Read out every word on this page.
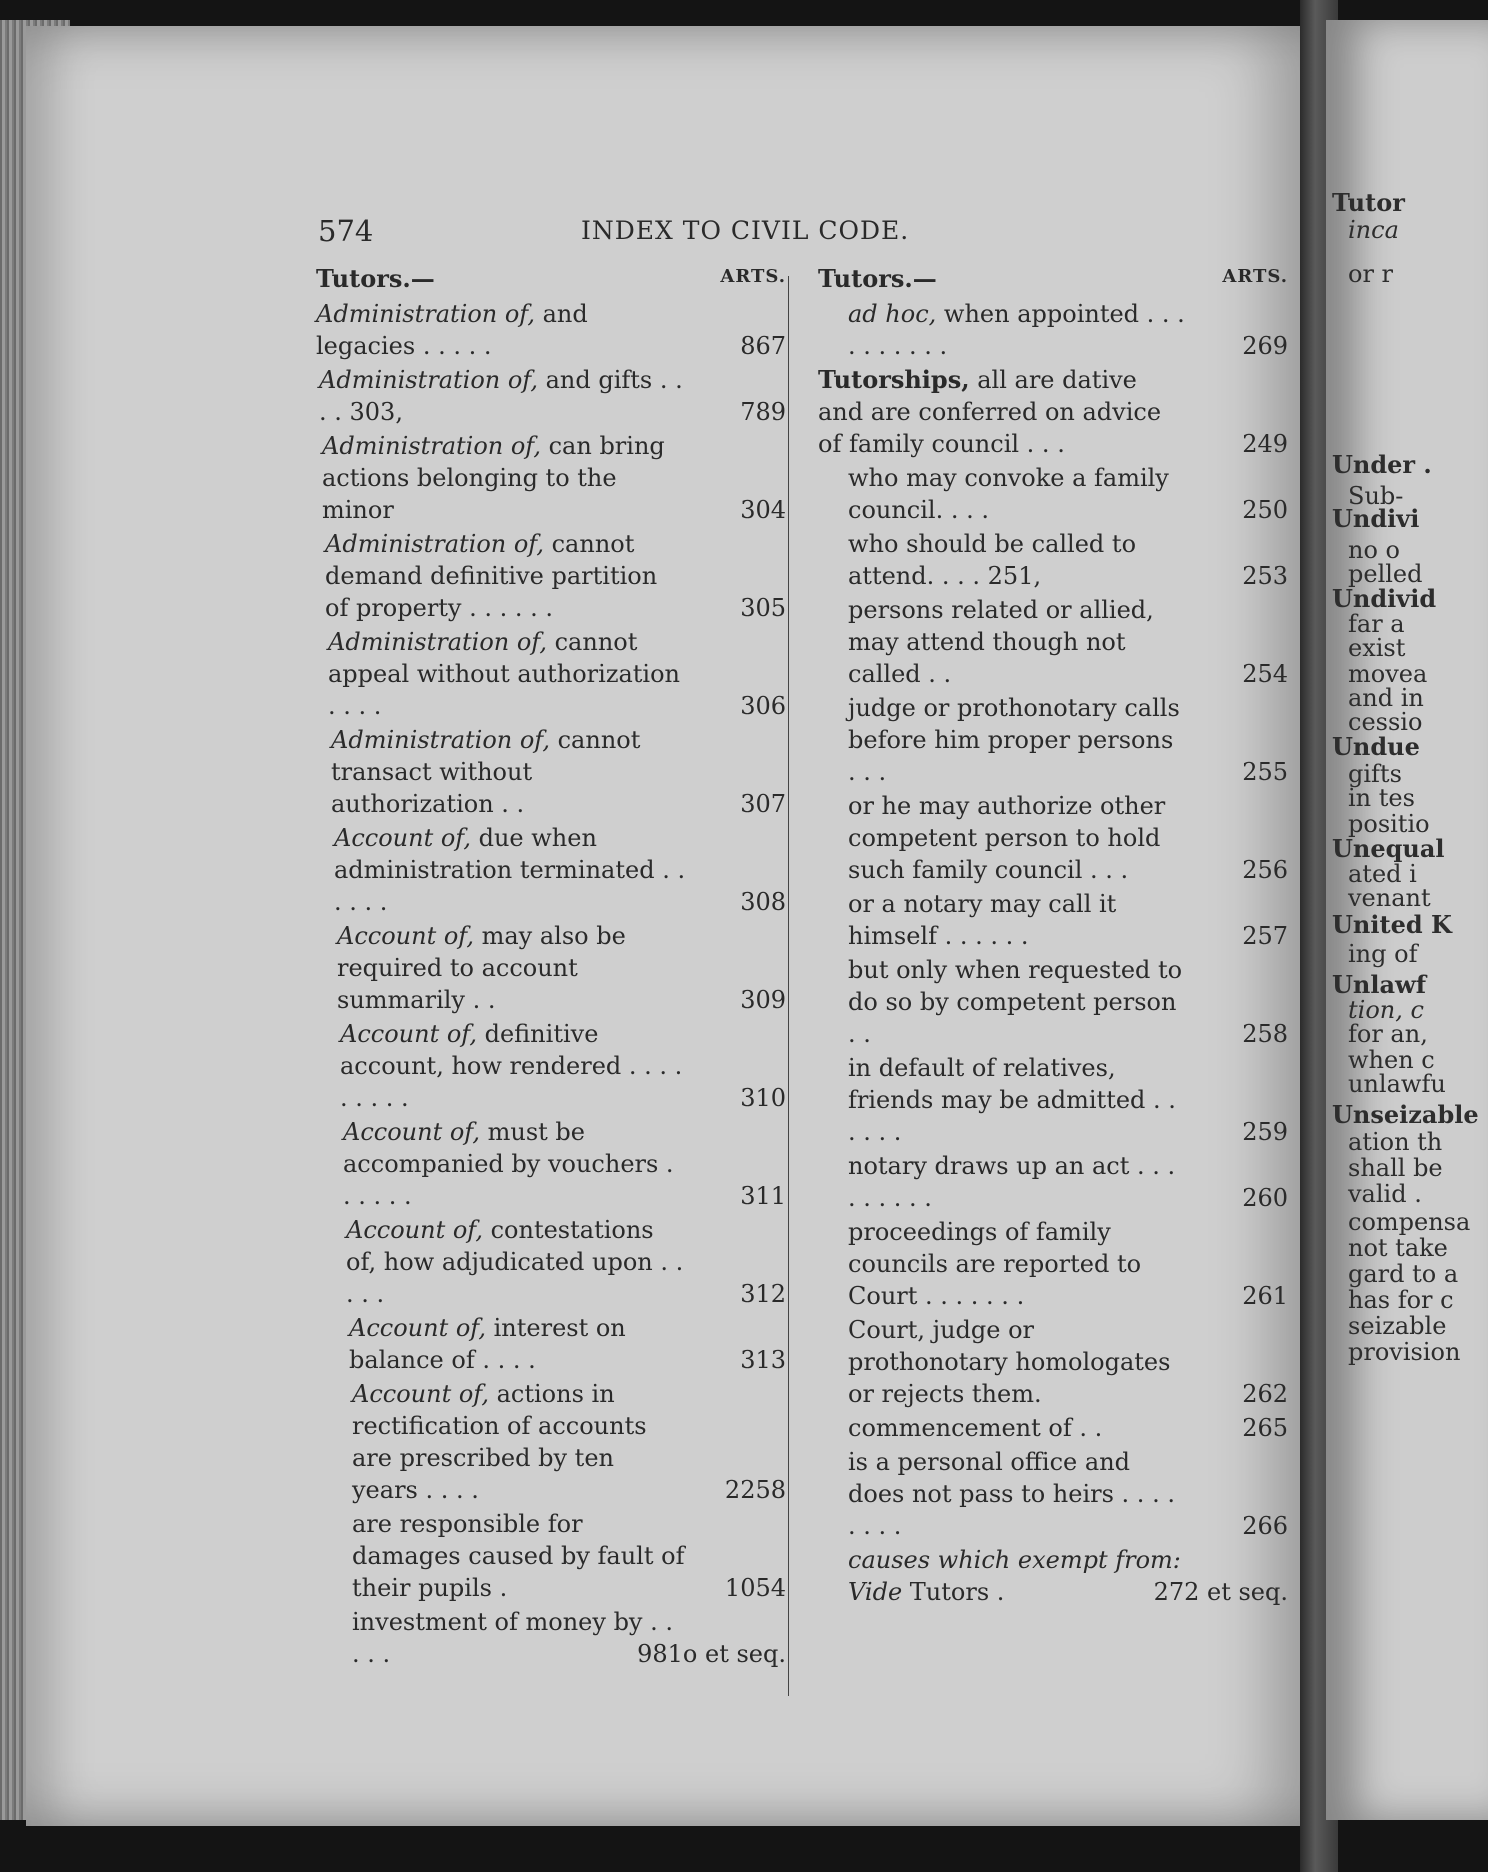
574	INDEX TO CIVIL CODE.
Tutors.—	ARTS.
Administration of, and legacies . . . . .	867
Administration of, and gifts . . . . 303,	789
Administration of, can bring actions belonging to the minor	304
Administration of, cannot demand definitive partition of property . . . . . .	305
Administration of, cannot appeal without authorization . . . .	306
Administration of, cannot transact without authorization . .	307
Account of, due when administration terminated . . . . . .	308
Account of, may also be required to account summarily . .	309
Account of, definitive account, how rendered . . . . . . . . .	310
Account of, must be accompanied by vouchers . . . . . .	311
Account of, contestations of, how adjudicated upon . . . . .	312
Account of, interest on balance of . . . .	313
Account of, actions in rectification of accounts are prescribed by ten years . . . .	2258
are responsible for damages caused by fault of their pupils .	1054
investment of money by . . . . .	981o et seq.
Tutors.—	ARTS.
ad hoc, when appointed . . . . . . . . . .	269
Tutorships, all are dative and are conferred on advice of family council . . .	249
who may convoke a family council. . . .	250
who should be called to attend. . . . 251,	253
persons related or allied, may attend though not called . .	254
judge or prothonotary calls before him proper persons . . .	255
or he may authorize other competent person to hold such family council . . .	256
or a notary may call it himself . . . . . .	257
but only when requested to do so by competent person . .	258
in default of relatives, friends may be admitted . . . . . .	259
notary draws up an act . . . . . . . . .	260
proceedings of family councils are reported to Court . . . . . . .	261
Court, judge or prothonotary homologates or rejects them.	262
commencement of . .	265
is a personal office and does not pass to heirs . . . . . . . .	266
causes which exempt from: Vide Tutors .	272 et seq.
Tutor
inca
or r
Under .
Sub-
Undivi
no o
pelled
Undivid
far a
exist
movea
and in
cessio
Undue
gifts
in tes
positio
Unequal
ated i
venant
United K
ing of
Unlawf
tion, c
for an,
when c
unlawfu
Unseizable
ation th
shall be
valid .
compensa
not take
gard to a
has for c
seizable
provision
